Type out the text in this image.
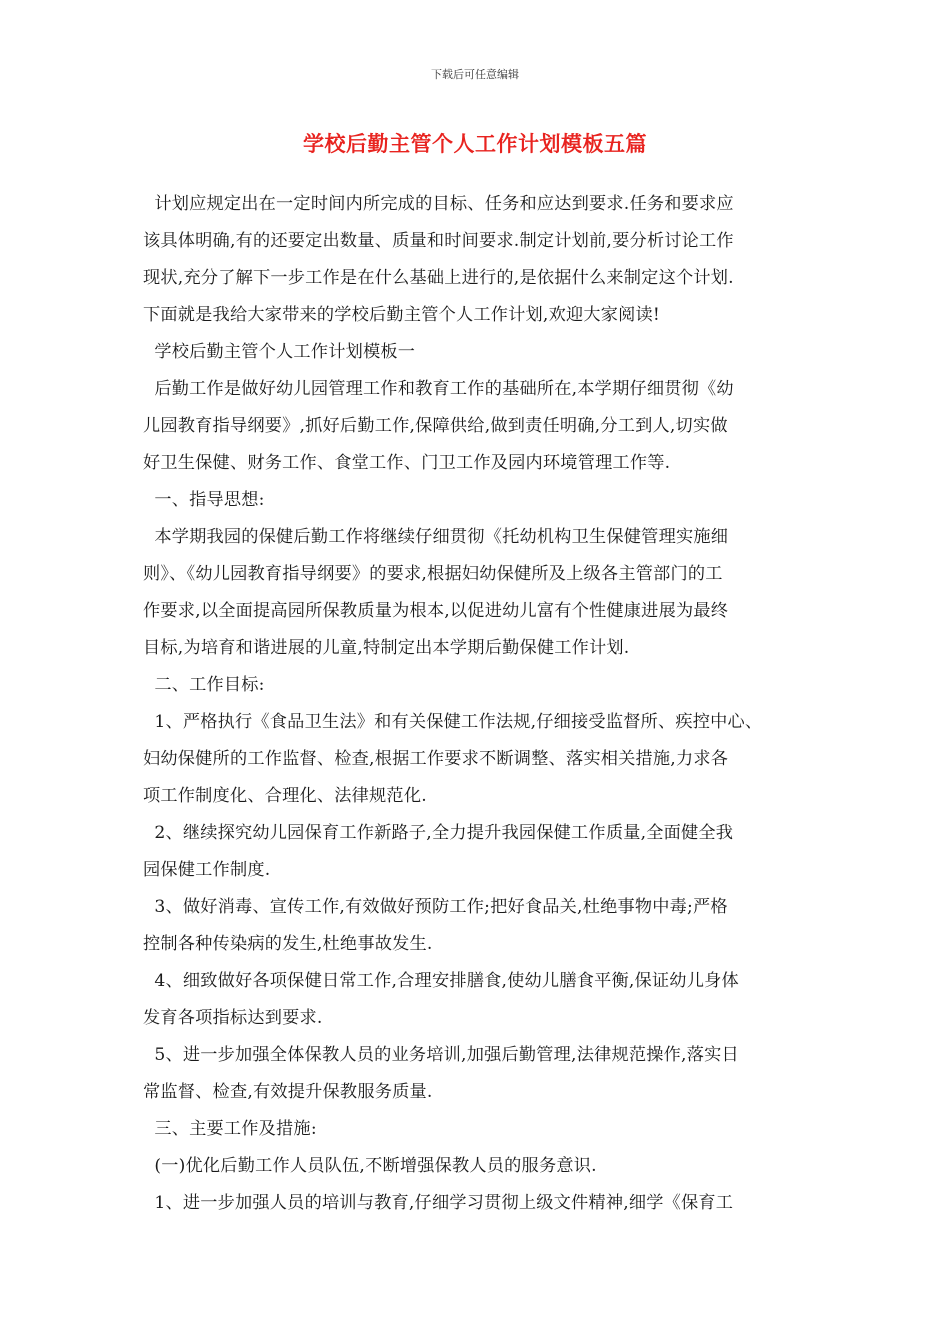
下载后可任意编辑
学校后勤主管个人工作计划模板五篇
计划应规定出在一定时间内所完成的目标、任务和应达到要求.任务和要求应
该具体明确,有的还要定出数量、质量和时间要求.制定计划前,要分析讨论工作
现状,充分了解下一步工作是在什么基础上进行的,是依据什么来制定这个计划.
下面就是我给大家带来的学校后勤主管个人工作计划,欢迎大家阅读!
学校后勤主管个人工作计划模板一
后勤工作是做好幼儿园管理工作和教育工作的基础所在,本学期仔细贯彻《幼
儿园教育指导纲要》,抓好后勤工作,保障供给,做到责任明确,分工到人,切实做
好卫生保健、财务工作、食堂工作、门卫工作及园内环境管理工作等.
一、指导思想:
本学期我园的保健后勤工作将继续仔细贯彻《托幼机构卫生保健管理实施细
则》、《幼儿园教育指导纲要》的要求,根据妇幼保健所及上级各主管部门的工
作要求,以全面提高园所保教质量为根本,以促进幼儿富有个性健康进展为最终
目标,为培育和谐进展的儿童,特制定出本学期后勤保健工作计划.
二、工作目标:
1、严格执行《食品卫生法》和有关保健工作法规,仔细接受监督所、疾控中心、
妇幼保健所的工作监督、检查,根据工作要求不断调整、落实相关措施,力求各
项工作制度化、合理化、法律规范化.
2、继续探究幼儿园保育工作新路子,全力提升我园保健工作质量,全面健全我
园保健工作制度.
3、做好消毒、宣传工作,有效做好预防工作;把好食品关,杜绝事物中毒;严格
控制各种传染病的发生,杜绝事故发生.
4、细致做好各项保健日常工作,合理安排膳食,使幼儿膳食平衡,保证幼儿身体
发育各项指标达到要求.
5、进一步加强全体保教人员的业务培训,加强后勤管理,法律规范操作,落实日
常监督、检查,有效提升保教服务质量.
三、主要工作及措施:
(一)优化后勤工作人员队伍,不断增强保教人员的服务意识.
1、进一步加强人员的培训与教育,仔细学习贯彻上级文件精神,细学《保育工
